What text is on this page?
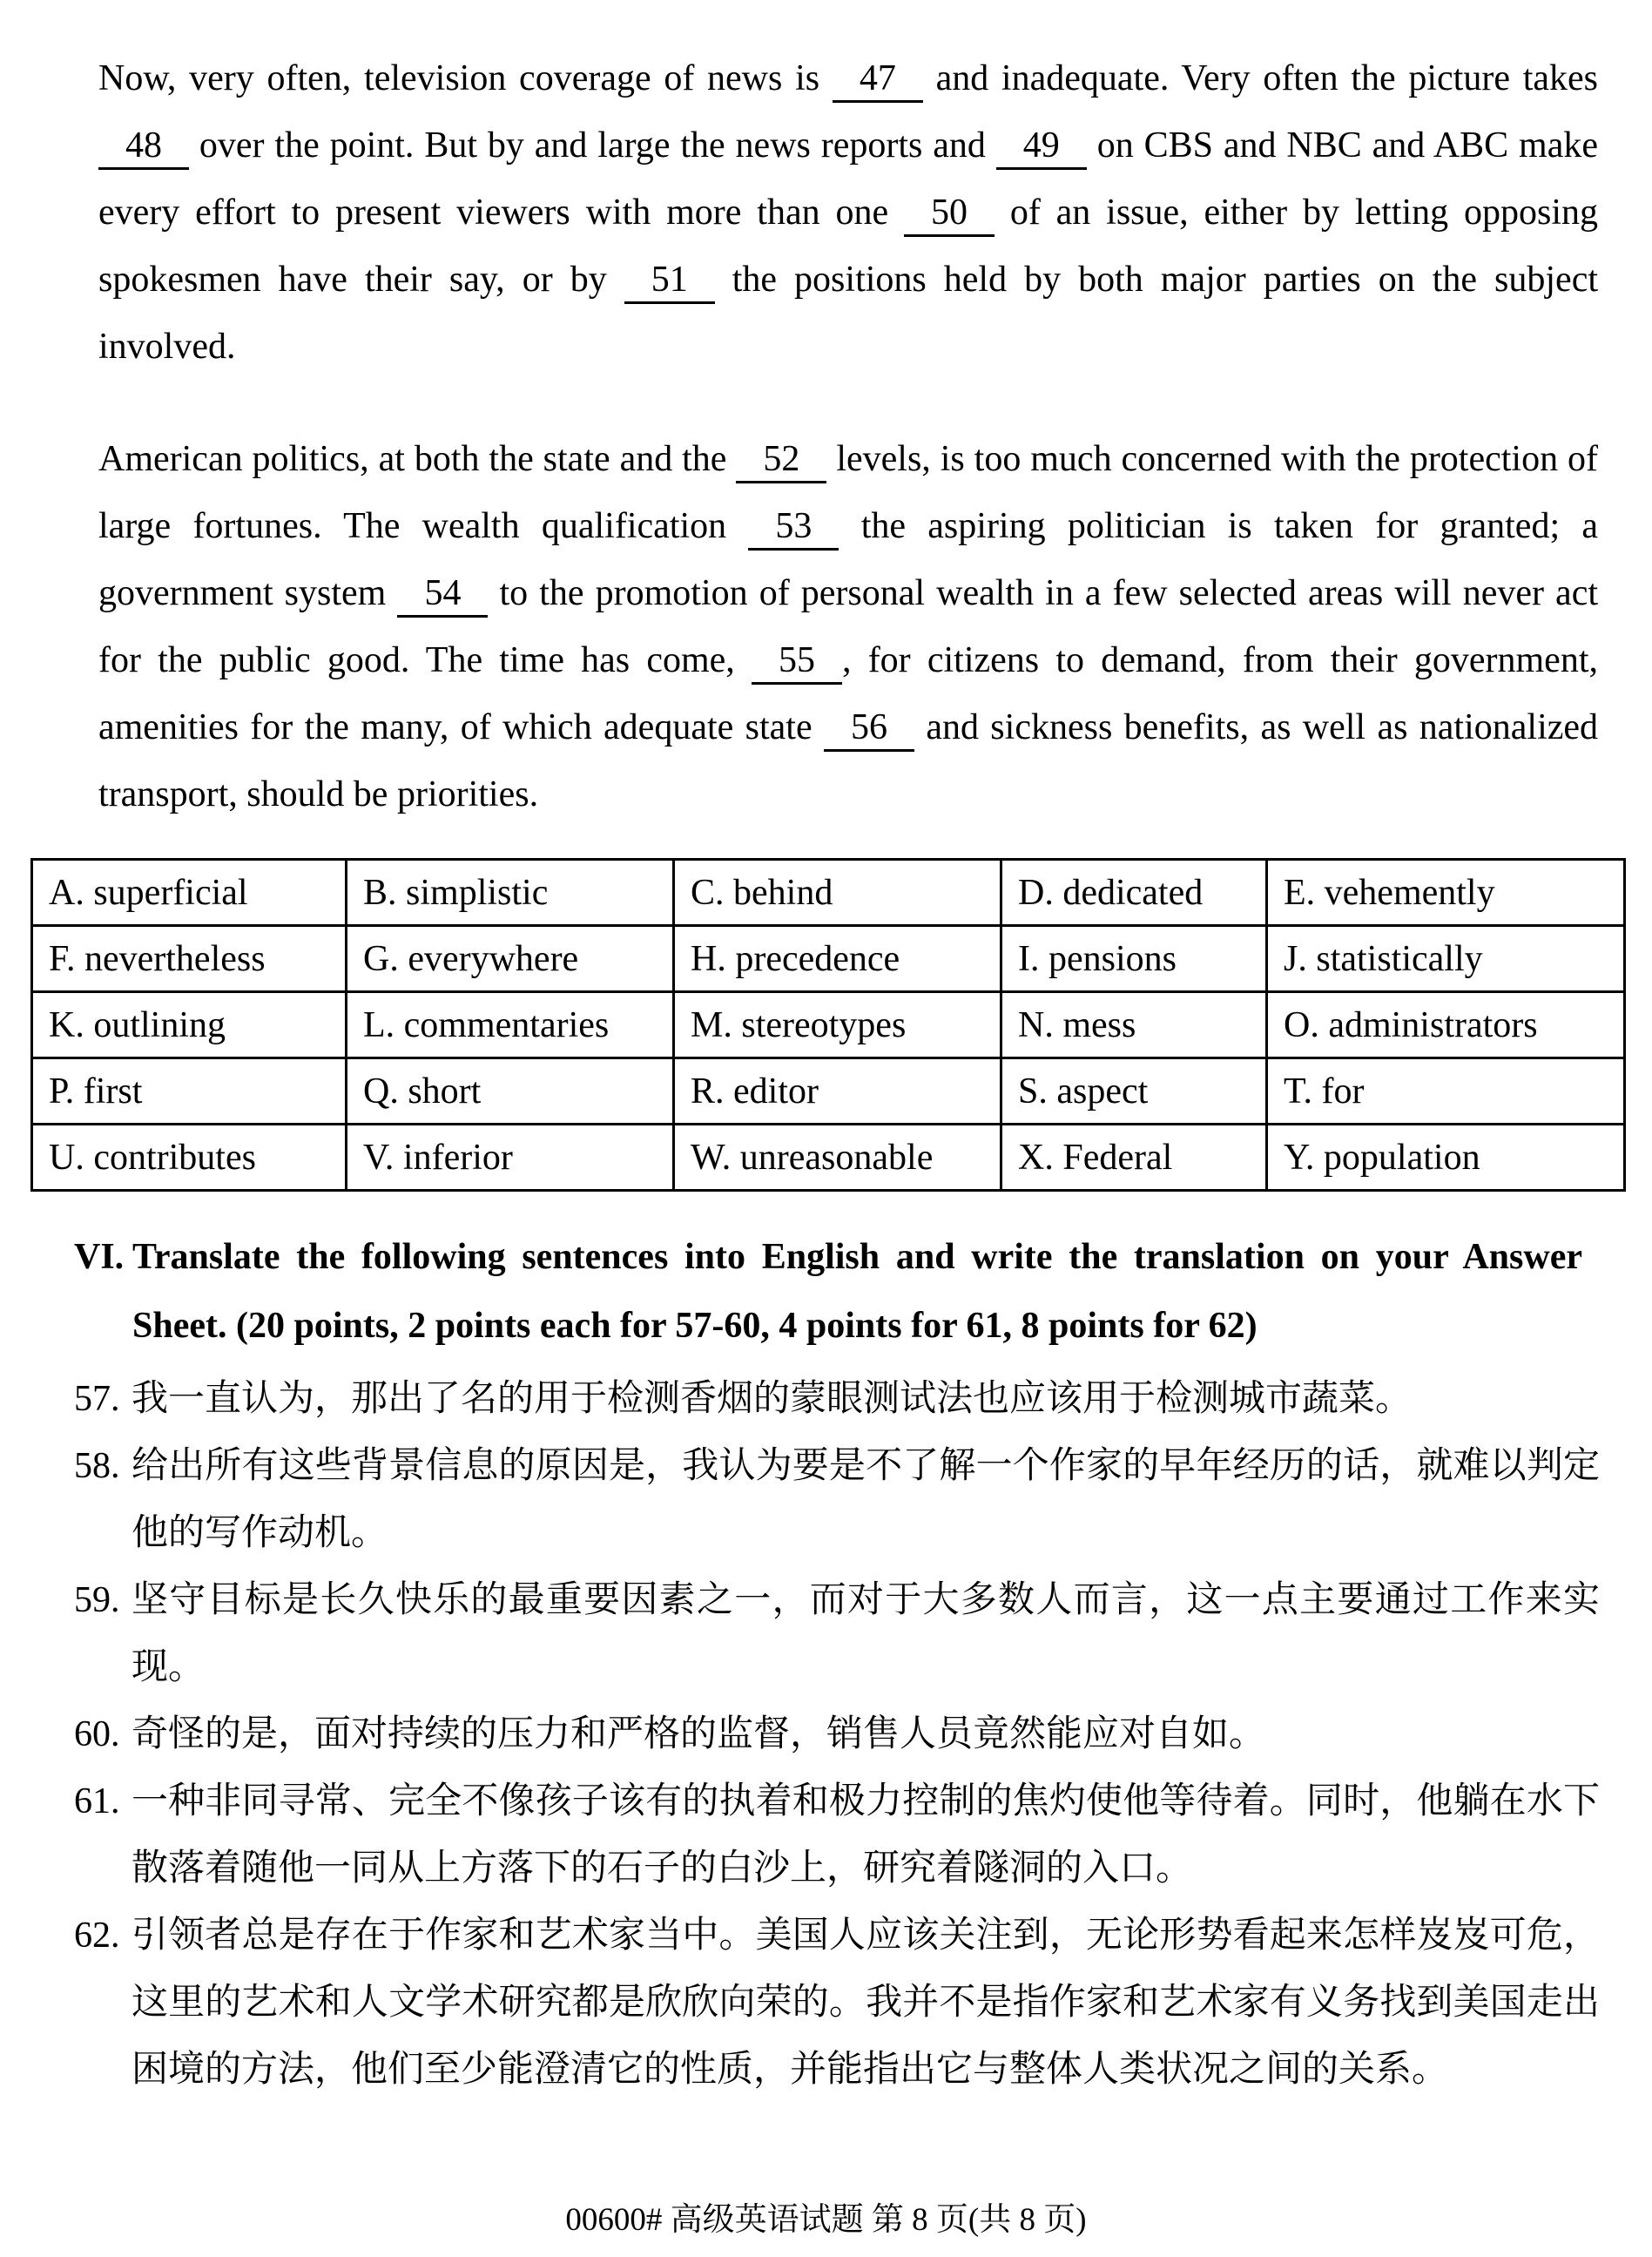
Now, very often, television coverage of news is 47 and inadequate. Very often the picture takes 48 over the point. But by and large the news reports and 49 on CBS and NBC and ABC make every effort to present viewers with more than one 50 of an issue, either by letting opposing spokesmen have their say, or by 51 the positions held by both major parties on the subject involved.

American politics, at both the state and the 52 levels, is too much concerned with the protection of large fortunes. The wealth qualification 53 the aspiring politician is taken for granted; a government system 54 to the promotion of personal wealth in a few selected areas will never act for the public good. The time has come, 55 , for citizens to demand, from their government, amenities for the many, of which adequate state 56 and sickness benefits, as well as nationalized transport, should be priorities.

A. superficial	B. simplistic	C. behind	D. dedicated	E. vehemently
F. nevertheless	G. everywhere	H. precedence	I. pensions	J. statistically
K. outlining	L. commentaries	M. stereotypes	N. mess	O. administrators
P. first	Q. short	R. editor	S. aspect	T. for
U. contributes	V. inferior	W. unreasonable	X. Federal	Y. population
VI. Translate the following sentences into English and write the translation on your Answer Sheet. (20 points, 2 points each for 57-60, 4 points for 61, 8 points for 62)
57. 我一直认为，那出了名的用于检测香烟的蒙眼测试法也应该用于检测城市蔬菜。
58. 给出所有这些背景信息的原因是，我认为要是不了解一个作家的早年经历的话，就难以判定他的写作动机。
59. 坚守目标是长久快乐的最重要因素之一，而对于大多数人而言，这一点主要通过工作来实现。
60. 奇怪的是，面对持续的压力和严格的监督，销售人员竟然能应对自如。
61. 一种非同寻常、完全不像孩子该有的执着和极力控制的焦灼使他等待着。同时，他躺在水下散落着随他一同从上方落下的石子的白沙上，研究着隧洞的入口。
62. 引领者总是存在于作家和艺术家当中。美国人应该关注到，无论形势看起来怎样岌岌可危，这里的艺术和人文学术研究都是欣欣向荣的。我并不是指作家和艺术家有义务找到美国走出困境的方法，他们至少能澄清它的性质，并能指出它与整体人类状况之间的关系。
00600# 高级英语试题 第 8 页(共 8 页)
